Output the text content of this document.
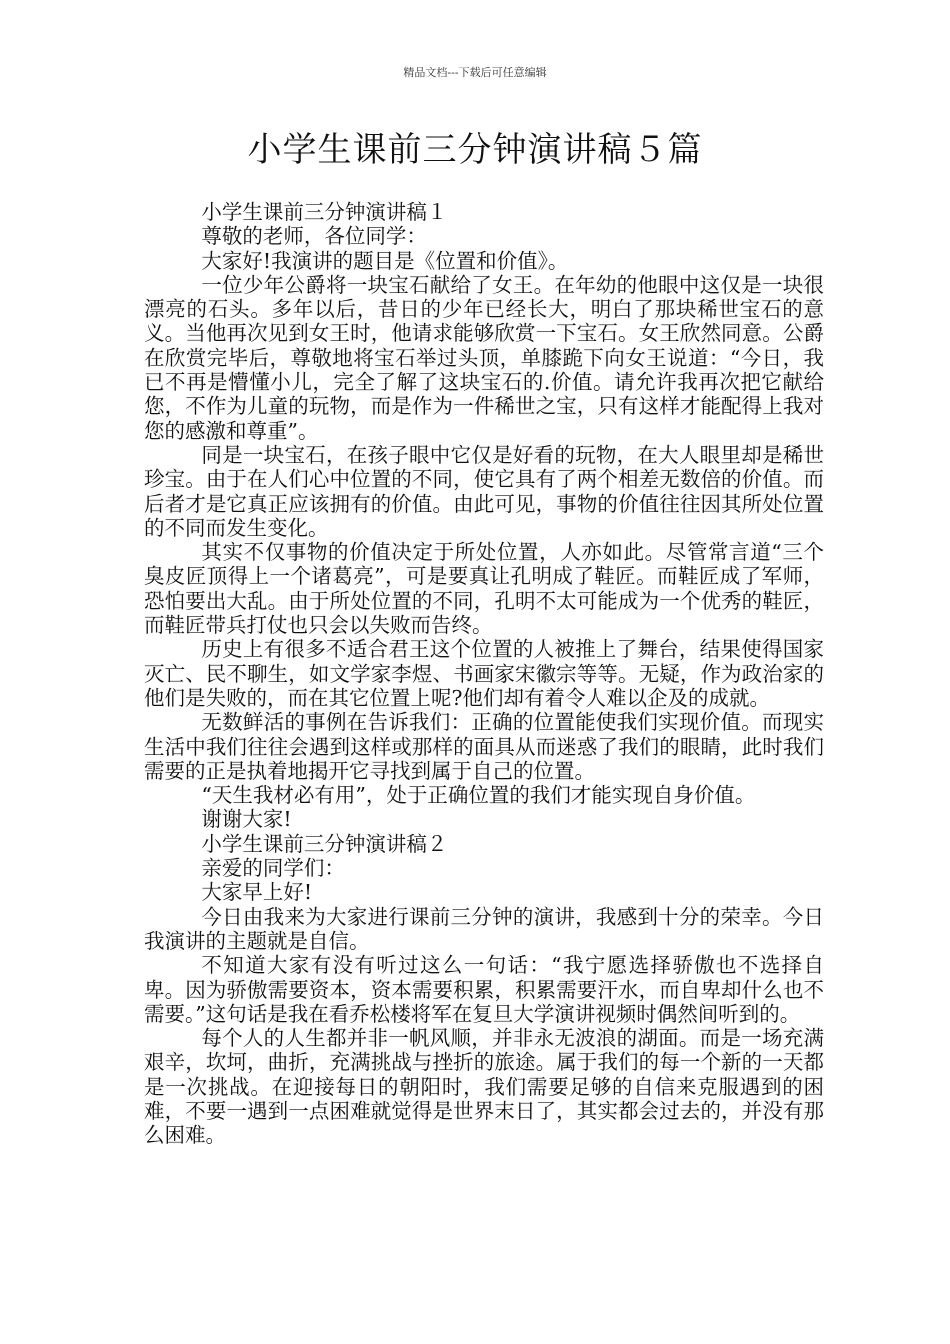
精品文档---下载后可任意编辑
小学生课前三分钟演讲稿５篇

小学生课前三分钟演讲稿１

尊敬的老师，各位同学：

大家好!我演讲的题目是《位置和价值》。

一位少年公爵将一块宝石献给了女王。在年幼的他眼中这仅是一块很漂亮的石头。多年以后，昔日的少年已经长大，明白了那块稀世宝石的意义。当他再次见到女王时，他请求能够欣赏一下宝石。女王欣然同意。公爵在欣赏完毕后，尊敬地将宝石举过头顶，单膝跪下向女王说道：“今日，我已不再是懵懂小儿，完全了解了这块宝石的.价值。请允许我再次把它献给您，不作为儿童的玩物，而是作为一件稀世之宝，只有这样才能配得上我对您的感激和尊重”。

同是一块宝石，在孩子眼中它仅是好看的玩物，在大人眼里却是稀世珍宝。由于在人们心中位置的不同，使它具有了两个相差无数倍的价值。而后者才是它真正应该拥有的价值。由此可见，事物的价值往往因其所处位置的不同而发生变化。

其实不仅事物的价值决定于所处位置，人亦如此。尽管常言道“三个臭皮匠顶得上一个诸葛亮”，可是要真让孔明成了鞋匠。而鞋匠成了军师，恐怕要出大乱。由于所处位置的不同，孔明不太可能成为一个优秀的鞋匠，而鞋匠带兵打仗也只会以失败而告终。

历史上有很多不适合君王这个位置的人被推上了舞台，结果使得国家灭亡、民不聊生，如文学家李煜、书画家宋徽宗等等。无疑，作为政治家的他们是失败的，而在其它位置上呢?他们却有着令人难以企及的成就。

无数鲜活的事例在告诉我们：正确的位置能使我们实现价值。而现实生活中我们往往会遇到这样或那样的面具从而迷惑了我们的眼睛，此时我们需要的正是执着地揭开它寻找到属于自己的位置。

“天生我材必有用”，处于正确位置的我们才能实现自身价值。

谢谢大家!

小学生课前三分钟演讲稿２

亲爱的同学们：

大家早上好!

今日由我来为大家进行课前三分钟的演讲，我感到十分的荣幸。今日我演讲的主题就是自信。

不知道大家有没有听过这么一句话：“我宁愿选择骄傲也不选择自卑。因为骄傲需要资本，资本需要积累，积累需要汗水，而自卑却什么也不需要。”这句话是我在看乔松楼将军在复旦大学演讲视频时偶然间听到的。

每个人的人生都并非一帆风顺，并非永无波浪的湖面。而是一场充满艰辛，坎坷，曲折，充满挑战与挫折的旅途。属于我们的每一个新的一天都是一次挑战。在迎接每日的朝阳时，我们需要足够的自信来克服遇到的困难，不要一遇到一点困难就觉得是世界末日了，其实都会过去的，并没有那么困难。
